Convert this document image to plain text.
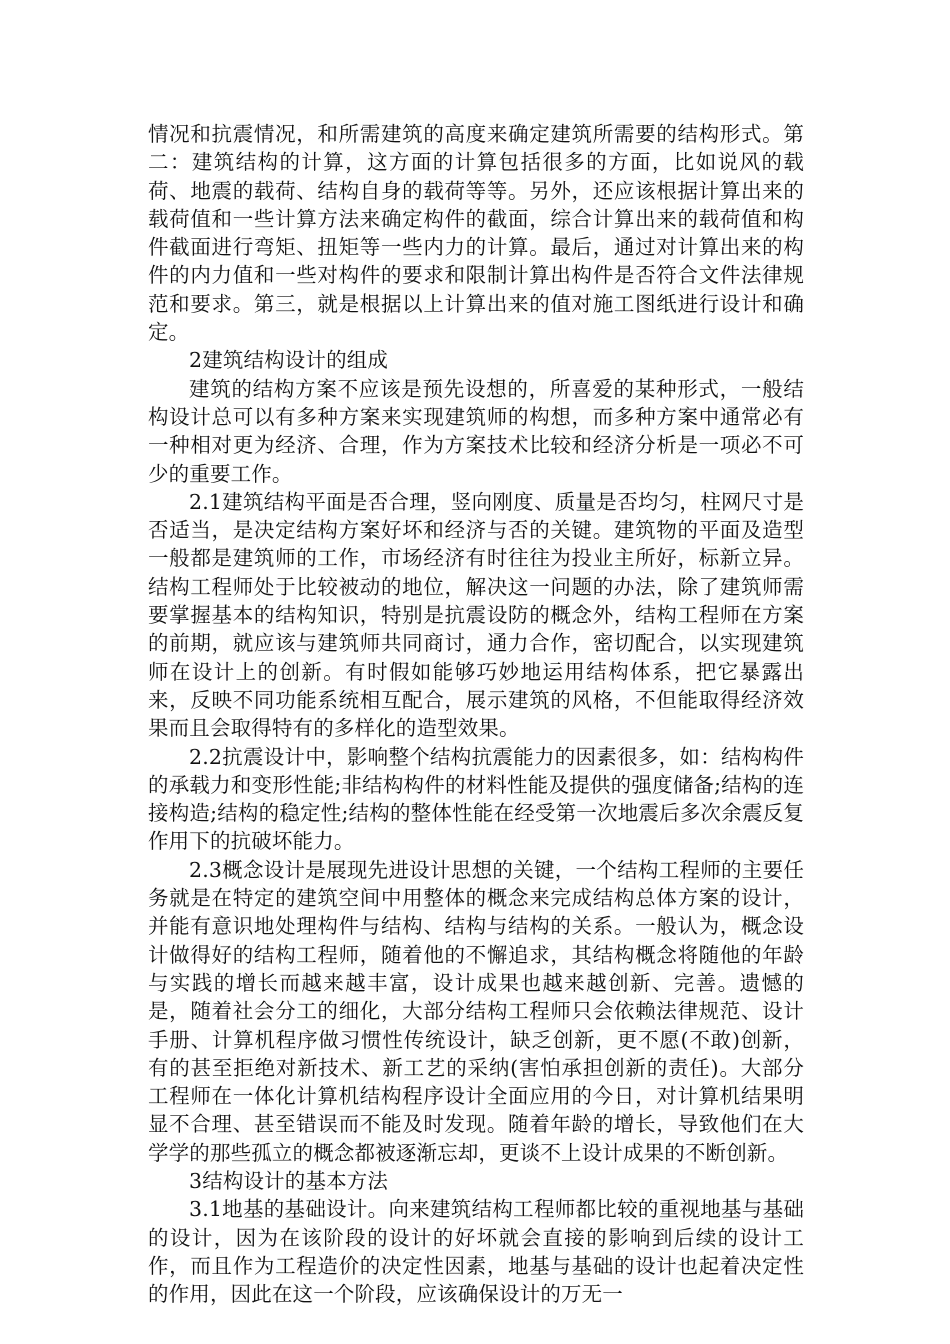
情况和抗震情况，和所需建筑的高度来确定建筑所需要的结构形式。第二：建筑结构的计算，这方面的计算包括很多的方面，比如说风的载荷、地震的载荷、结构自身的载荷等等。另外，还应该根据计算出来的载荷值和一些计算方法来确定构件的截面，综合计算出来的载荷值和构件截面进行弯矩、扭矩等一些内力的计算。最后，通过对计算出来的构件的内力值和一些对构件的要求和限制计算出构件是否符合文件法律规范和要求。第三，就是根据以上计算出来的值对施工图纸进行设计和确定。

2建筑结构设计的组成

建筑的结构方案不应该是预先设想的，所喜爱的某种形式，一般结构设计总可以有多种方案来实现建筑师的构想，而多种方案中通常必有一种相对更为经济、合理，作为方案技术比较和经济分析是一项必不可少的重要工作。

2.1建筑结构平面是否合理，竖向刚度、质量是否均匀，柱网尺寸是否适当，是决定结构方案好坏和经济与否的关键。建筑物的平面及造型一般都是建筑师的工作，市场经济有时往往为投业主所好，标新立异。结构工程师处于比较被动的地位，解决这一问题的办法，除了建筑师需要掌握基本的结构知识，特别是抗震设防的概念外，结构工程师在方案的前期，就应该与建筑师共同商讨，通力合作，密切配合，以实现建筑师在设计上的创新。有时假如能够巧妙地运用结构体系，把它暴露出来，反映不同功能系统相互配合，展示建筑的风格，不但能取得经济效果而且会取得特有的多样化的造型效果。

2.2抗震设计中，影响整个结构抗震能力的因素很多，如：结构构件的承载力和变形性能;非结构构件的材料性能及提供的强度储备;结构的连接构造;结构的稳定性;结构的整体性能在经受第一次地震后多次余震反复作用下的抗破坏能力。

2.3概念设计是展现先进设计思想的关键，一个结构工程师的主要任务就是在特定的建筑空间中用整体的概念来完成结构总体方案的设计，并能有意识地处理构件与结构、结构与结构的关系。一般认为，概念设计做得好的结构工程师，随着他的不懈追求，其结构概念将随他的年龄与实践的增长而越来越丰富，设计成果也越来越创新、完善。遗憾的是，随着社会分工的细化，大部分结构工程师只会依赖法律规范、设计手册、计算机程序做习惯性传统设计，缺乏创新，更不愿(不敢)创新，有的甚至拒绝对新技术、新工艺的采纳(害怕承担创新的责任)。大部分工程师在一体化计算机结构程序设计全面应用的今日，对计算机结果明显不合理、甚至错误而不能及时发现。随着年龄的增长，导致他们在大学学的那些孤立的概念都被逐渐忘却，更谈不上设计成果的不断创新。

3结构设计的基本方法

3.1地基的基础设计。向来建筑结构工程师都比较的重视地基与基础的设计，因为在该阶段的设计的好坏就会直接的影响到后续的设计工作，而且作为工程造价的决定性因素，地基与基础的设计也起着决定性的作用，因此在这一个阶段，应该确保设计的万无一
